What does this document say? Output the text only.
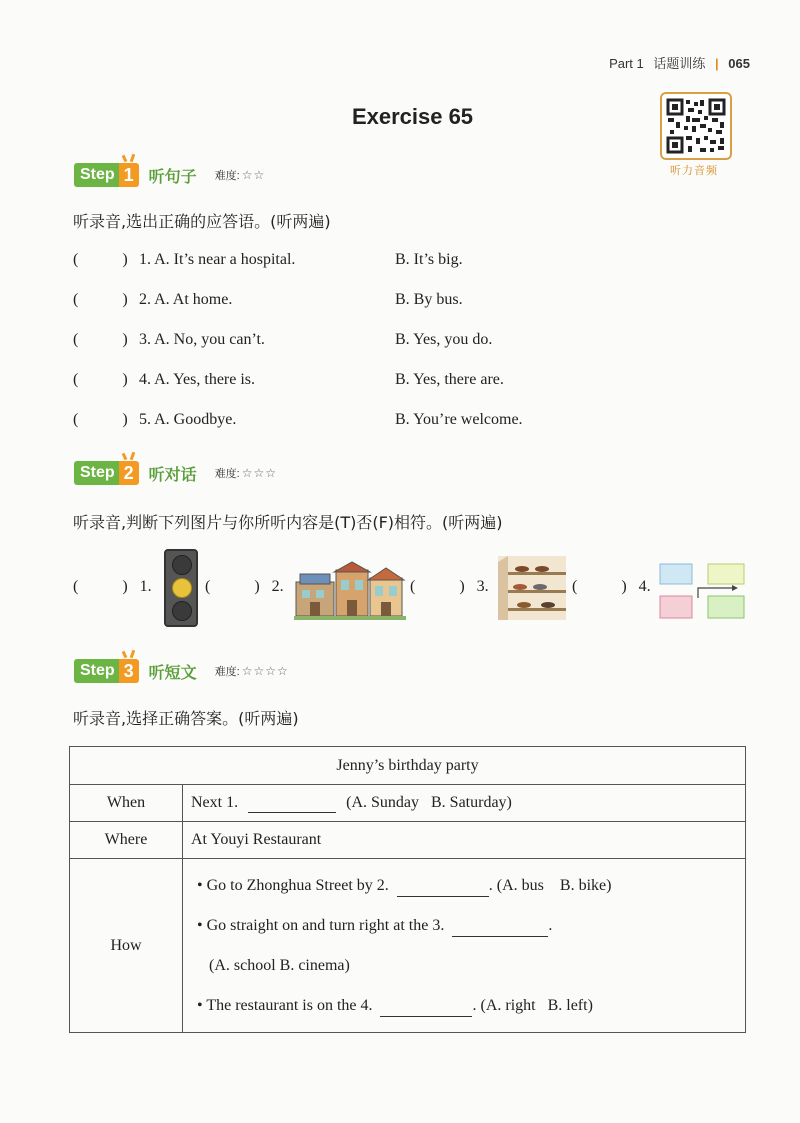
Part 1 话题训练 | 065
Exercise 65
听力音频
Step 1 听句子 难度: ☆☆
听录音,选出正确的应答语。(听两遍)
(	) 1. A. It’s near a hospital.	B. It’s big.
(	) 2. A. At home.	B. By bus.
(	) 3. A. No, you can’t.	B. Yes, you do.
(	) 4. A. Yes, there is.	B. Yes, there are.
(	) 5. A. Goodbye.	B. You’re welcome.
Step 2 听对话 难度: ☆☆☆
听录音,判断下列图片与你所听内容是(T)否(F)相符。(听两遍)
(	) 1.	(	) 2.	(	) 3.	(	) 4.
Step 3 听短文 难度: ☆☆☆☆
听录音,选择正确答案。(听两遍)
Jenny’s birthday party	
When	Next 1. (A. Sunday   B. Saturday)
Where	At Youyi Restaurant
How	• Go to Zhonghua Street by 2. . (A. bus    B. bike)
• Go straight on and turn right at the 3. .
(A. school B. cinema)
• The restaurant is on the 4. . (A. right   B. left)
